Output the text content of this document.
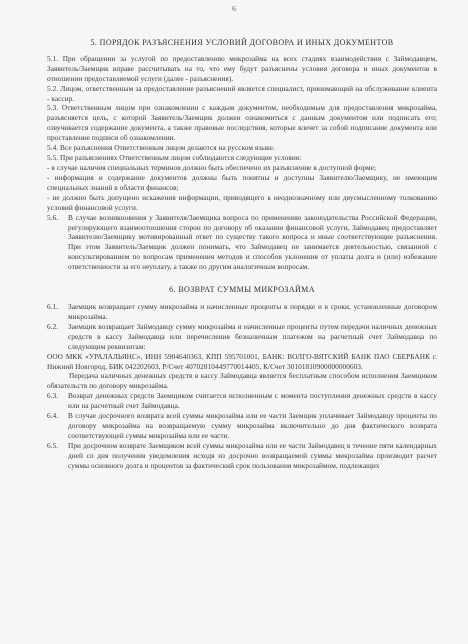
6
5. ПОРЯДОК РАЗЪЯСНЕНИЯ УСЛОВИЙ ДОГОВОРА И ИНЫХ ДОКУМЕНТОВ

5.1. При обращении за услугой по предоставлению микрозайма на всех стадиях взаимодействия с Займодавцем, Заявитель/Заемщик вправе рассчитывать на то, что ему будут разъяснены условия договора и иных документов в отношении предоставляемой услуги (далее - разъяснения).

5.2. Лицом, ответственным за предоставление разъяснений является специалист, принимающий на обслуживание клиента - кассир.

5.3. Ответственным лицом при ознакомлении с каждым документом, необходимым для предоставления микрозайма, разъясняется цель, с которой Заявитель/Заемщик должен ознакомиться с данным документом или подписать его; озвучивается содержание документа, а также правовые последствия, которые влечет за собой подписание документа или проставление подписи об ознакомлении.

5.4. Все разъяснения Ответственным лицом делаются на русском языке.

5.5. При разъяснениях Ответственным лицом соблюдаются следующие условия:

- в случае наличия специальных терминов должно быть обеспечено их разъяснение в доступной форме;

- информация и содержание документов должны быть понятны и доступны Заявителю/Заемщику, не имеющим специальных знаний в области финансов;

- не должно быть допущено искажения информации, приводящего к неоднозначному или двусмысленному толкованию условий финансовой услуги.

5.6.	В случае возникновения у Заявителя/Заемщика вопроса по применению законодательства Российской Федерации, регулирующего взаимоотношения сторон по договору об оказании финансовой услуги, Займодавец предоставляет Заявителю/Заемщику мотивированный ответ по существу такого вопроса и иные соответствующие разъяснения. При этом Заявитель/Заемщик должен понимать, что Займодавец не занимается деятельностью, связанной с консультированием по вопросам применения методов и способов уклонения от уплаты долга и (или) избежание ответственности за его неуплату, а также по другим аналогичным вопросам.
6. ВОЗВРАТ СУММЫ МИКРОЗАЙМА
6.1.	Заемщик возвращает сумму микрозайма и начисленные проценты в порядке и в сроки, установленные договором микрозайма.
6.2.	Заемщик возвращает Займодавцу сумму микрозайма и начисленные проценты путем передачи наличных денежных средств в кассу Займодавца или перечисления безналичным платежом на расчетный счет Займодавца по следующим реквизитам:

ООО МКК «УРАЛАЛЬЯНС», ИНН 5904640363, КПП 595701001, БАНК: ВОЛГО-ВЯТСКИЙ БАНК ПАО СБЕРБАНК г. Нижний Новгород, БИК 042202603, Р/Счет 40702810449770014405, К/Счет 30101810900000000603.

Передача наличных денежных средств в кассу Займодавца является бесплатным способом исполнения Заемщиком обязательств по договору микрозайма.

6.3.	Возврат денежных средств Заемщиком считается исполненным с момента поступления денежных средств в кассу или на расчетный счет Займодавца.
6.4.	В случае досрочного возврата всей суммы микрозайма или ее части Заемщик уплачивает Займодавцу проценты по договору микрозайма на возвращаемую сумму микрозайма включительно до дня фактического возврата соответствующей суммы микрозайма или ее части.
6.5.	При досрочном возврате Заемщиком всей суммы микрозайма или ее части Займодавец в течение пяти календарных дней со дня получения уведомления исходя из досрочно возвращаемой суммы микрозайма производит расчет суммы основного долга и процентов за фактический срок пользования микрозаймом, подлежащих
